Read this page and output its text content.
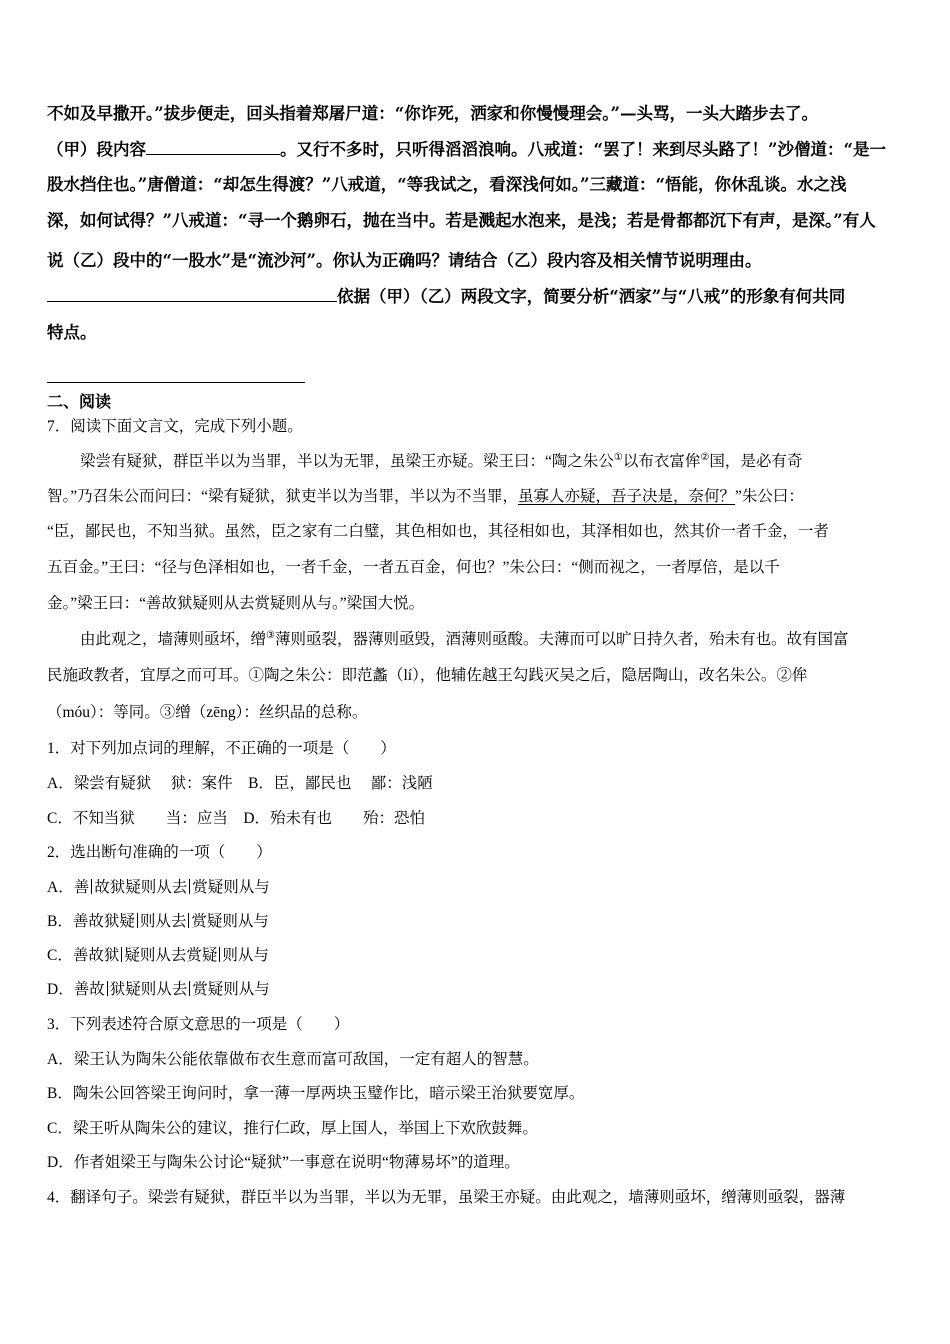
不如及早撒开。”拔步便走，回头指着郑屠尸道：“你诈死，洒家和你慢慢理会。”—头骂，一头大踏步去了。
（甲）段内容	。又行不多时，只听得滔滔浪响。八戒道：“罢了！来到尽头路了！”沙僧道：“是一
股水挡住也。”唐僧道：“却怎生得渡？”八戒道，“等我试之，看深浅何如。”三藏道：“悟能，你休乱谈。水之浅
深，如何试得？”八戒道：“寻一个鹅卵石，抛在当中。若是溅起水泡来，是浅；若是骨都都沉下有声，是深。”有人
说（乙）段中的“一股水”是“流沙河”。你认为正确吗？请结合（乙）段内容及相关情节说明理由。
依据（甲）（乙）两段文字，简要分析“洒家”与“八戒”的形象有何共同
特点。
二、阅读
7．阅读下面文言文，完成下列小题。
梁尝有疑狱，群臣半以为当罪，半以为无罪，虽梁王亦疑。梁王曰：“陶之朱公①以布衣富侔②国，是必有奇
智。”乃召朱公而问曰：“梁有疑狱，狱吏半以为当罪，半以为不当罪，虽寡人亦疑，吾子决是，奈何？”朱公曰：
“臣，鄙民也，不知当狱。虽然，臣之家有二白璧，其色相如也，其径相如也，其泽相如也，然其价一者千金，一者
五百金。”王曰：“径与色泽相如也，一者千金，一者五百金，何也？”朱公曰：“侧而视之，一者厚倍，是以千
金。”梁王曰：“善故狱疑则从去赏疑则从与。”梁国大悦。
由此观之，墙薄则亟坏，缯③薄则亟裂，器薄则亟毁，酒薄则亟酸。夫薄而可以旷日持久者，殆未有也。故有国富
民施政教者，宜厚之而可耳。①陶之朱公：即范蠡（lí），他辅佐越王勾践灭吴之后，隐居陶山，改名朱公。②侔
（móu）：等同。③缯（zēng）：丝织品的总称。
1．对下列加点词的理解，不正确的一项是（　　）
A．梁尝有疑狱　 狱：案件　B．臣，鄙民也　 鄙：浅陋
C．不知当狱　　当：应当　D．殆未有也　　殆：恐怕
2．选出断句准确的一项（　　）
A．善 故狱疑则从去 赏疑则从与
B．善故狱疑 则从去 赏疑则从与
C．善故狱 疑则从去赏疑 则从与
D．善故 狱疑则从去 赏疑则从与
3．下列表述符合原文意思的一项是（　　）
A．梁王认为陶朱公能依靠做布衣生意而富可敌国，一定有超人的智慧。
B．陶朱公回答梁王询问时，拿一薄一厚两块玉璧作比，暗示梁王治狱要宽厚。
C．梁王听从陶朱公的建议，推行仁政，厚上国人，举国上下欢欣鼓舞。
D．作者姐梁王与陶朱公讨论“疑狱”一事意在说明“物薄易坏”的道理。
4．翻译句子。梁尝有疑狱，群臣半以为当罪，半以为无罪，虽梁王亦疑。由此观之，墙薄则亟坏，缯薄则亟裂，器薄
